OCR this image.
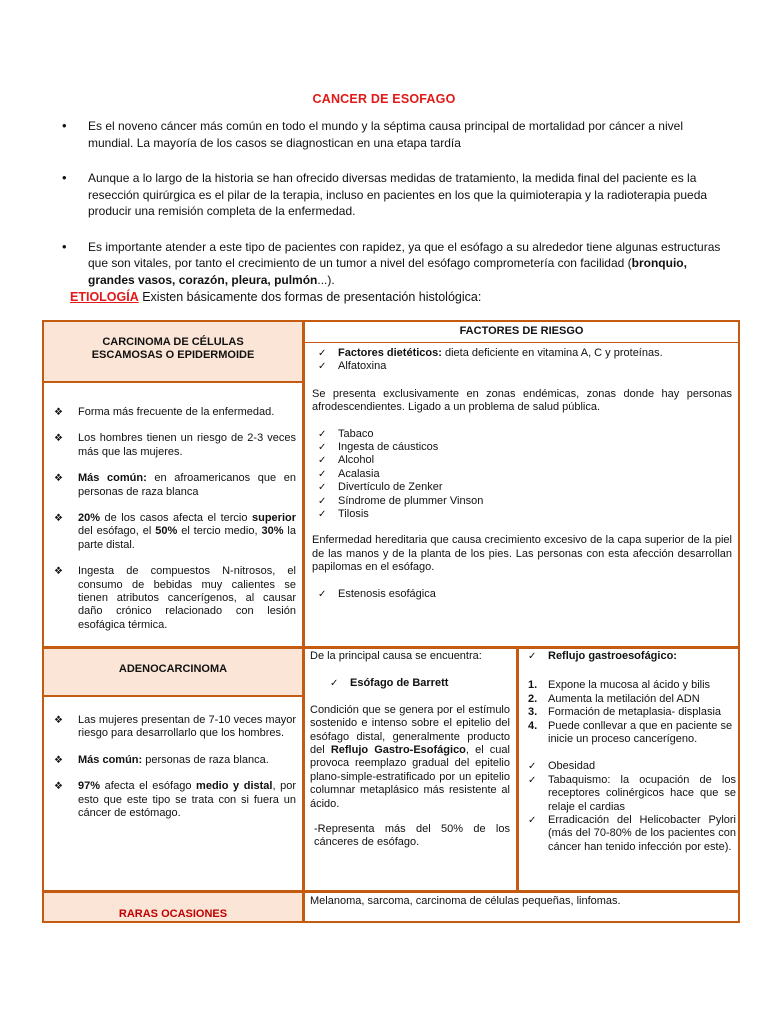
CANCER DE ESOFAGO
• Es el noveno cáncer más común en todo el mundo y la séptima causa principal de mortalidad por cáncer a nivel mundial. La mayoría de los casos se diagnostican en una etapa tardía
• Aunque a lo largo de la historia se han ofrecido diversas medidas de tratamiento, la medida final del paciente es la resección quirúrgica es el pilar de la terapia, incluso en pacientes en los que la quimioterapia y la radioterapia pueda producir una remisión completa de la enfermedad.
• Es importante atender a este tipo de pacientes con rapidez, ya que el esófago a su alrededor tiene algunas estructuras que son vitales, por tanto el crecimiento de un tumor a nivel del esófago comprometería con facilidad (bronquio, grandes vasos, corazón, pleura, pulmón...).
ETIOLOGÍA Existen básicamente dos formas de presentación histológica:
CARCINOMA DE CÉLULAS ESCAMOSAS O EPIDERMOIDE
❖ Forma más frecuente de la enfermedad.
❖ Los hombres tienen un riesgo de 2-3 veces más que las mujeres.
❖ Más común: en afroamericanos que en personas de raza blanca
❖ 20% de los casos afecta el tercio superior del esófago, el 50% el tercio medio, 30% la parte distal.
❖ Ingesta de compuestos N-nitrosos, el consumo de bebidas muy calientes se tienen atributos cancerígenos, al causar daño crónico relacionado con lesión esofágica térmica.
FACTORES DE RIESGO
✓ Factores dietéticos: dieta deficiente en vitamina A, C y proteínas.
✓ Alfatoxina

Se presenta exclusivamente en zonas endémicas, zonas donde hay personas afrodescendientes. Ligado a un problema de salud pública.

✓ Tabaco
✓ Ingesta de cáusticos
✓ Alcohol
✓ Acalasia
✓ Divertículo de Zenker
✓ Síndrome de plummer Vinson
✓ Tilosis

Enfermedad hereditaria que causa crecimiento excesivo de la capa superior de la piel de las manos y de la planta de los pies. Las personas con esta afección desarrollan papilomas en el esófago.

✓ Estenosis esofágica
ADENOCARCINOMA
❖ Las mujeres presentan de 7-10 veces mayor riesgo para desarrollarlo que los hombres.
❖ Más común: personas de raza blanca.
❖ 97% afecta el esófago medio y distal, por esto que este tipo se trata con si fuera un cáncer de estómago.

De la principal causa se encuentra:

✓ Esófago de Barrett

Condición que se genera por el estímulo sostenido e intenso sobre el epitelio del esófago distal, generalmente producto del Reflujo Gastro-Esofágico, el cual provoca reemplazo gradual del epitelio plano-simple-estratificado por un epitelio columnar metaplásico más resistente al ácido.

-Representa más del 50% de los cánceres de esófago.

✓ Reflujo gastroesofágico:
1. Expone la mucosa al ácido y bilis
2. Aumenta la metilación del ADN
3. Formación de metaplasia- displasia
4. Puede conllevar a que en paciente se inicie un proceso cancerígeno.
✓ Obesidad
✓ Tabaquismo: la ocupación de los receptores colinérgicos hace que se relaje el cardias
✓ Erradicación del Helicobacter Pylori (más del 70-80% de los pacientes con cáncer han tenido infección por este).
RARAS OCASIONES
Melanoma, sarcoma, carcinoma de células pequeñas, linfomas.
